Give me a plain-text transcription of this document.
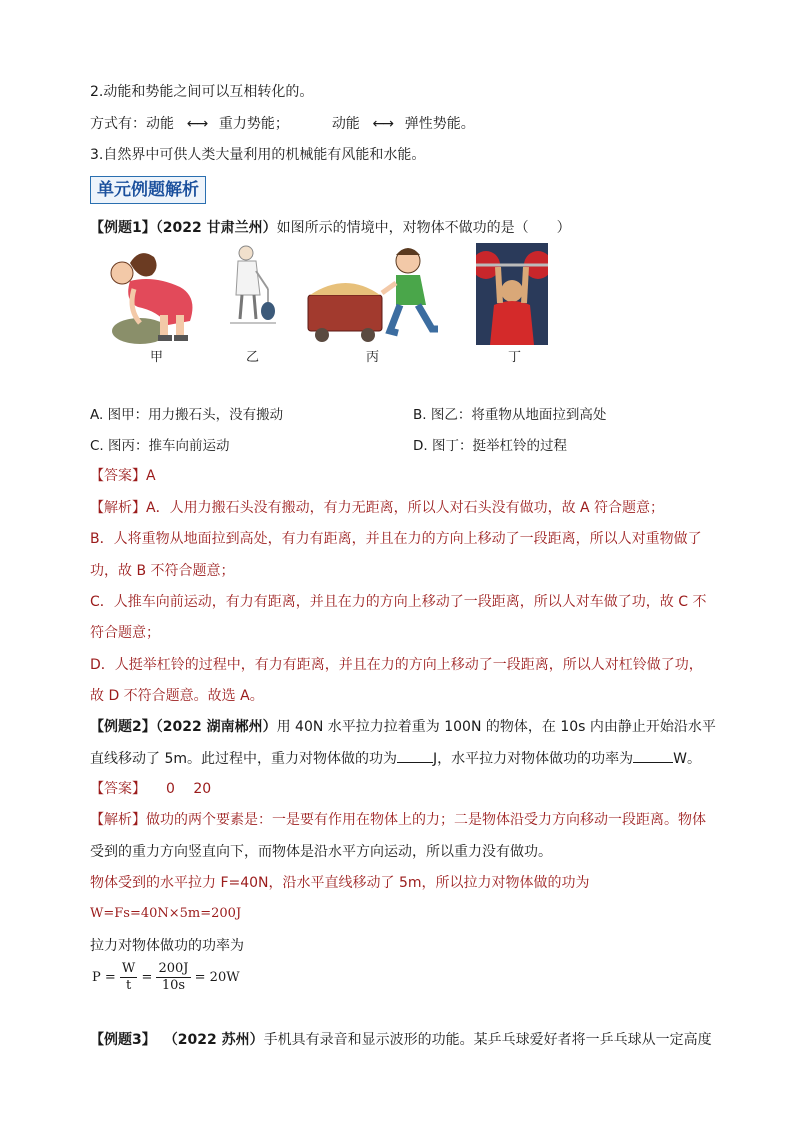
2.动能和势能之间可以互相转化的。
方式有：动能 ←→ 重力势能；	动能 ←→ 弹性势能。
3.自然界中可供人类大量利用的机械能有风能和水能。
单元例题解析
【例题1】（2022 甘肃兰州）如图所示的情境中，对物体不做功的是（　　）
甲	乙	丙	丁
A. 图甲：用力搬石头，没有搬动	B. 图乙：将重物从地面拉到高处
C. 图丙：推车向前运动	D. 图丁：挺举杠铃的过程
【答案】A
【解析】A．人用力搬石头没有搬动，有力无距离，所以人对石头没有做功，故 A 符合题意；
B．人将重物从地面拉到高处，有力有距离，并且在力的方向上移动了一段距离，所以人对重物做了
功，故 B 不符合题意；
C．人推车向前运动，有力有距离，并且在力的方向上移动了一段距离，所以人对车做了功，故 C 不
符合题意；
D．人挺举杠铃的过程中，有力有距离，并且在力的方向上移动了一段距离，所以人对杠铃做了功，
故 D 不符合题意。故选 A。
【例题2】（2022 湖南郴州）用 40N 水平拉力拉着重为 100N 的物体，在 10s 内由静止开始沿水平
直线移动了 5m。此过程中，重力对物体做的功为	J，水平拉力对物体做功的功率为	W。
【答案】 0　 20
【解析】做功的两个要素是：一是要有作用在物体上的力；二是物体沿受力方向移动一段距离。物体
受到的重力方向竖直向下，而物体是沿水平方向运动，所以重力没有做功。
物体受到的水平拉力 F=40N，沿水平直线移动了 5m，所以拉力对物体做的功为
W=Fs=40N×5m=200J
拉力对物体做功的功率为
$P = \frac{W}{t} = \frac{200J}{10s} = 20W$
【例题3】 （2022 苏州）手机具有录音和显示波形的功能。某乒乓球爱好者将一乒乓球从一定高度
